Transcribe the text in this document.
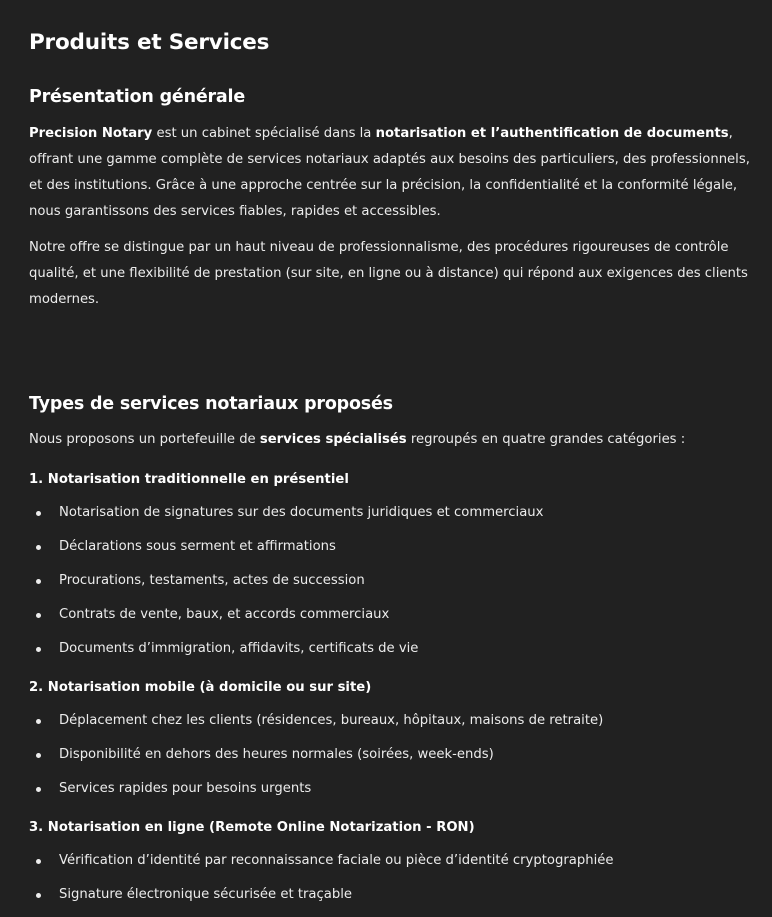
Produits et Services
Présentation générale

Precision Notary est un cabinet spécialisé dans la notarisation et l’authentification de documents, offrant une gamme complète de services notariaux adaptés aux besoins des particuliers, des professionnels, et des institutions. Grâce à une approche centrée sur la précision, la confidentialité et la conformité légale, nous garantissons des services fiables, rapides et accessibles.

Notre offre se distingue par un haut niveau de professionnalisme, des procédures rigoureuses de contrôle qualité, et une flexibilité de prestation (sur site, en ligne ou à distance) qui répond aux exigences des clients modernes.

Types de services notariaux proposés

Nous proposons un portefeuille de services spécialisés regroupés en quatre grandes catégories :

1. Notarisation traditionnelle en présentiel
Notarisation de signatures sur des documents juridiques et commerciaux
Déclarations sous serment et affirmations
Procurations, testaments, actes de succession
Contrats de vente, baux, et accords commerciaux
Documents d’immigration, affidavits, certificats de vie
2. Notarisation mobile (à domicile ou sur site)
Déplacement chez les clients (résidences, bureaux, hôpitaux, maisons de retraite)
Disponibilité en dehors des heures normales (soirées, week-ends)
Services rapides pour besoins urgents
3. Notarisation en ligne (Remote Online Notarization - RON)
Vérification d’identité par reconnaissance faciale ou pièce d’identité cryptographiée
Signature électronique sécurisée et traçable
